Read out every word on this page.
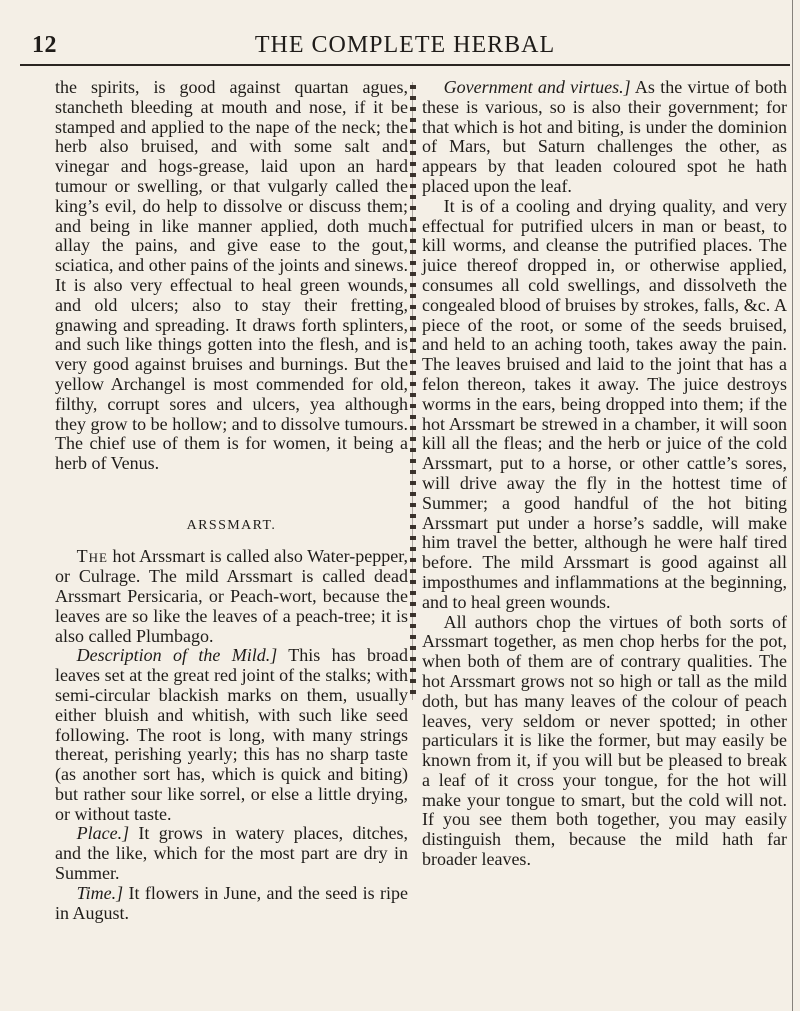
12	THE COMPLETE HERBAL

the spirits, is good against quartan agues, stancheth bleeding at mouth and nose, if it be stamped and applied to the nape of the neck; the herb also bruised, and with some salt and vinegar and hogs-grease, laid upon an hard tumour or swelling, or that vulgarly called the king’s evil, do help to dissolve or discuss them; and being in like manner applied, doth much allay the pains, and give ease to the gout, sciatica, and other pains of the joints and sinews. It is also very effectual to heal green wounds, and old ulcers; also to stay their fretting, gnawing and spreading. It draws forth splinters, and such like things gotten into the flesh, and is very good against bruises and burnings. But the yellow Archangel is most commended for old, filthy, corrupt sores and ulcers, yea although they grow to be hollow; and to dissolve tumours. The chief use of them is for women, it being a herb of Venus.

ARSSMART.

The hot Arssmart is called also Water-pepper, or Culrage. The mild Arssmart is called dead Arssmart Persicaria, or Peach-wort, because the leaves are so like the leaves of a peach-tree; it is also called Plumbago.

Description of the Mild.] This has broad leaves set at the great red joint of the stalks; with semi-circular blackish marks on them, usually either bluish and whitish, with such like seed following. The root is long, with many strings thereat, perishing yearly; this has no sharp taste (as another sort has, which is quick and biting) but rather sour like sorrel, or else a little drying, or without taste.

Place.] It grows in watery places, ditches, and the like, which for the most part are dry in Summer.

Time.] It flowers in June, and the seed is ripe in August.

Government and virtues.] As the virtue of both these is various, so is also their government; for that which is hot and biting, is under the dominion of Mars, but Saturn challenges the other, as appears by that leaden coloured spot he hath placed upon the leaf.

It is of a cooling and drying quality, and very effectual for putrified ulcers in man or beast, to kill worms, and cleanse the putrified places. The juice thereof dropped in, or otherwise applied, consumes all cold swellings, and dissolveth the congealed blood of bruises by strokes, falls, &c. A piece of the root, or some of the seeds bruised, and held to an aching tooth, takes away the pain. The leaves bruised and laid to the joint that has a felon thereon, takes it away. The juice destroys worms in the ears, being dropped into them; if the hot Arssmart be strewed in a chamber, it will soon kill all the fleas; and the herb or juice of the cold Arssmart, put to a horse, or other cattle’s sores, will drive away the fly in the hottest time of Summer; a good handful of the hot biting Arssmart put under a horse’s saddle, will make him travel the better, although he were half tired before. The mild Arssmart is good against all imposthumes and inflammations at the beginning, and to heal green wounds.

All authors chop the virtues of both sorts of Arssmart together, as men chop herbs for the pot, when both of them are of contrary qualities. The hot Arssmart grows not so high or tall as the mild doth, but has many leaves of the colour of peach leaves, very seldom or never spotted; in other particulars it is like the former, but may easily be known from it, if you will but be pleased to break a leaf of it cross your tongue, for the hot will make your tongue to smart, but the cold will not. If you see them both together, you may easily distinguish them, because the mild hath far broader leaves.
